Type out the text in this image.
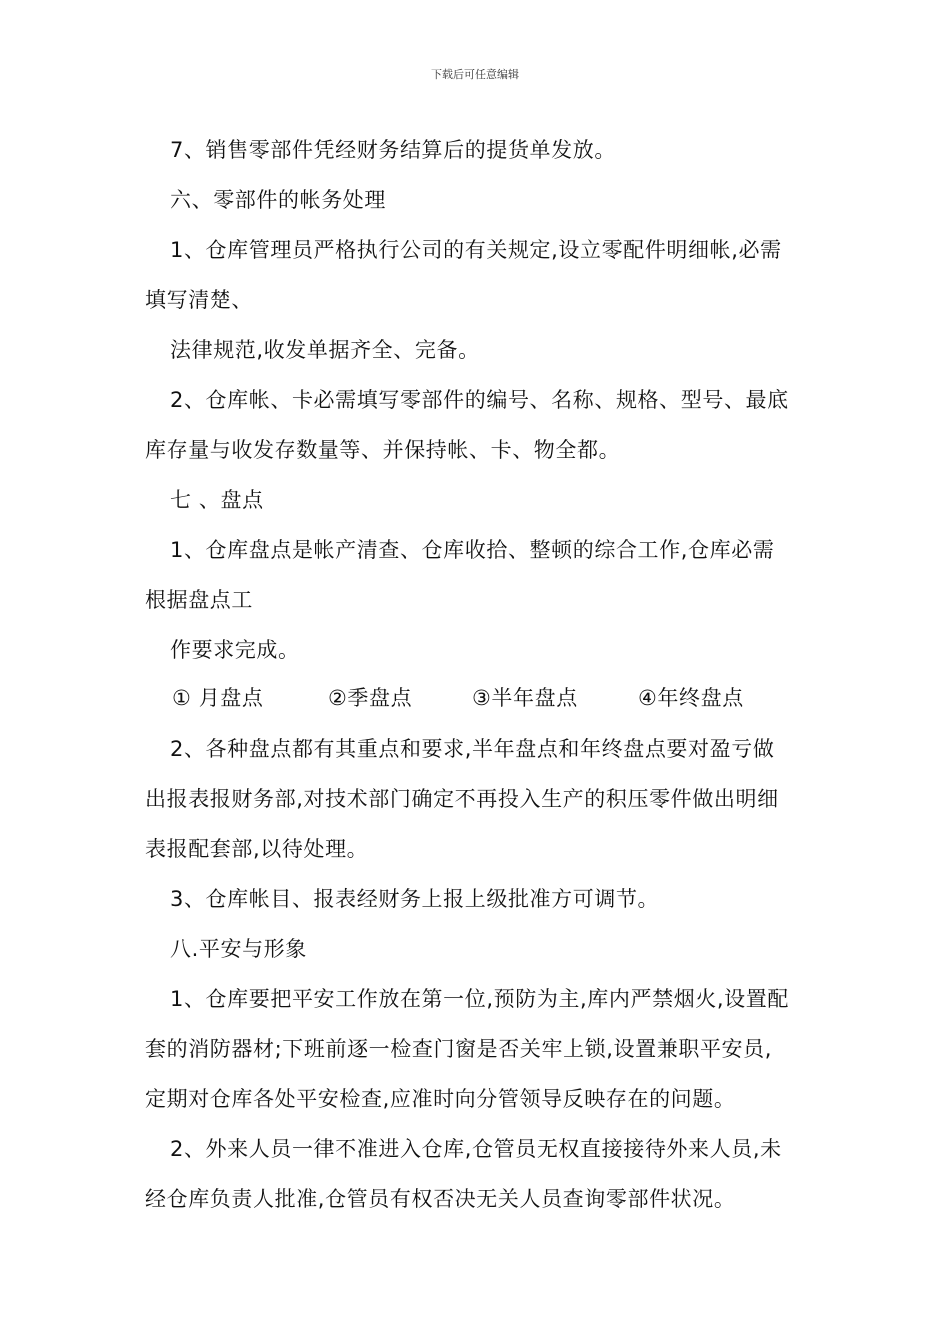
下载后可任意编辑
7、销售零部件凭经财务结算后的提货单发放。
六、零部件的帐务处理
1、仓库管理员严格执行公司的有关规定,设立零配件明细帐,必需
填写清楚、
法律规范,收发单据齐全、完备。
2、仓库帐、卡必需填写零部件的编号、名称、规格、型号、最底
库存量与收发存数量等、并保持帐、卡、物全都。
七 、盘点
1、仓库盘点是帐产清查、仓库收拾、整顿的综合工作,仓库必需
根据盘点工
作要求完成。
① 月盘点	②季盘点	③半年盘点	④年终盘点
2、各种盘点都有其重点和要求,半年盘点和年终盘点要对盈亏做
出报表报财务部,对技术部门确定不再投入生产的积压零件做出明细
表报配套部,以待处理。
3、仓库帐目、报表经财务上报上级批准方可调节。
八.平安与形象
1、仓库要把平安工作放在第一位,预防为主,库内严禁烟火,设置配
套的消防器材;下班前逐一检查门窗是否关牢上锁,设置兼职平安员,
定期对仓库各处平安检查,应准时向分管领导反映存在的问题。
2、外来人员一律不准进入仓库,仓管员无权直接接待外来人员,未
经仓库负责人批准,仓管员有权否决无关人员查询零部件状况。
